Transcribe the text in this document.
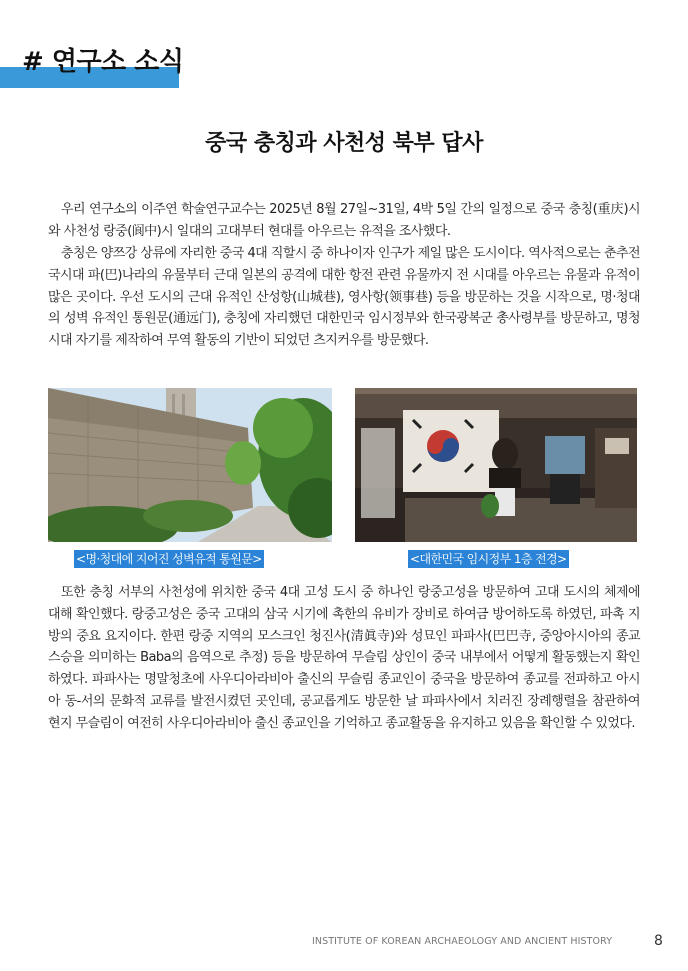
# 연구소 소식
중국 충칭과 사천성 북부 답사

우리 연구소의 이주연 학술연구교수는 2025년 8월 27일~31일, 4박 5일 간의 일정으로 중국 충칭(重庆)시와 사천성 랑중(阆中)시 일대의 고대부터 현대를 아우르는 유적을 조사했다.

충칭은 양쯔강 상류에 자리한 중국 4대 직할시 중 하나이자 인구가 제일 많은 도시이다. 역사적으로는 춘추전국시대 파(巴)나라의 유물부터 근대 일본의 공격에 대한 항전 관련 유물까지 전 시대를 아우르는 유물과 유적이 많은 곳이다. 우선 도시의 근대 유적인 산성항(山城巷), 영사항(领事巷) 등을 방문하는 것을 시작으로, 명·청대의 성벽 유적인 통원문(通远门), 충칭에 자리했던 대한민국 임시정부와 한국광복군 총사령부를 방문하고, 명청시대 자기를 제작하여 무역 활동의 기반이 되었던 츠지커우를 방문했다.

<명·청대에 지어진 성벽유적 통원문>	<대한민국 임시정부 1층 전경>

또한 충칭 서부의 사천성에 위치한 중국 4대 고성 도시 중 하나인 랑중고성을 방문하여 고대 도시의 체제에 대해 확인했다. 랑중고성은 중국 고대의 삼국 시기에 촉한의 유비가 장비로 하여금 방어하도록 하였던, 파촉 지방의 중요 요지이다. 한편 랑중 지역의 모스크인 청진사(清眞寺)와 성묘인 파파사(巴巴寺, 중앙아시아의 종교 스승을 의미하는 Baba의 음역으로 추정) 등을 방문하여 무슬림 상인이 중국 내부에서 어떻게 활동했는지 확인하였다. 파파사는 명말청초에 사우디아라비아 출신의 무슬림 종교인이 중국을 방문하여 종교를 전파하고 아시아 동-서의 문화적 교류를 발전시켰던 곳인데, 공교롭게도 방문한 날 파파사에서 치러진 장례행렬을 참관하여 현지 무슬림이 여전히 사우디아라비아 출신 종교인을 기억하고 종교활동을 유지하고 있음을 확인할 수 있었다.

INSTITUTE OF KOREAN ARCHAEOLOGY AND ANCIENT HISTORY	8
